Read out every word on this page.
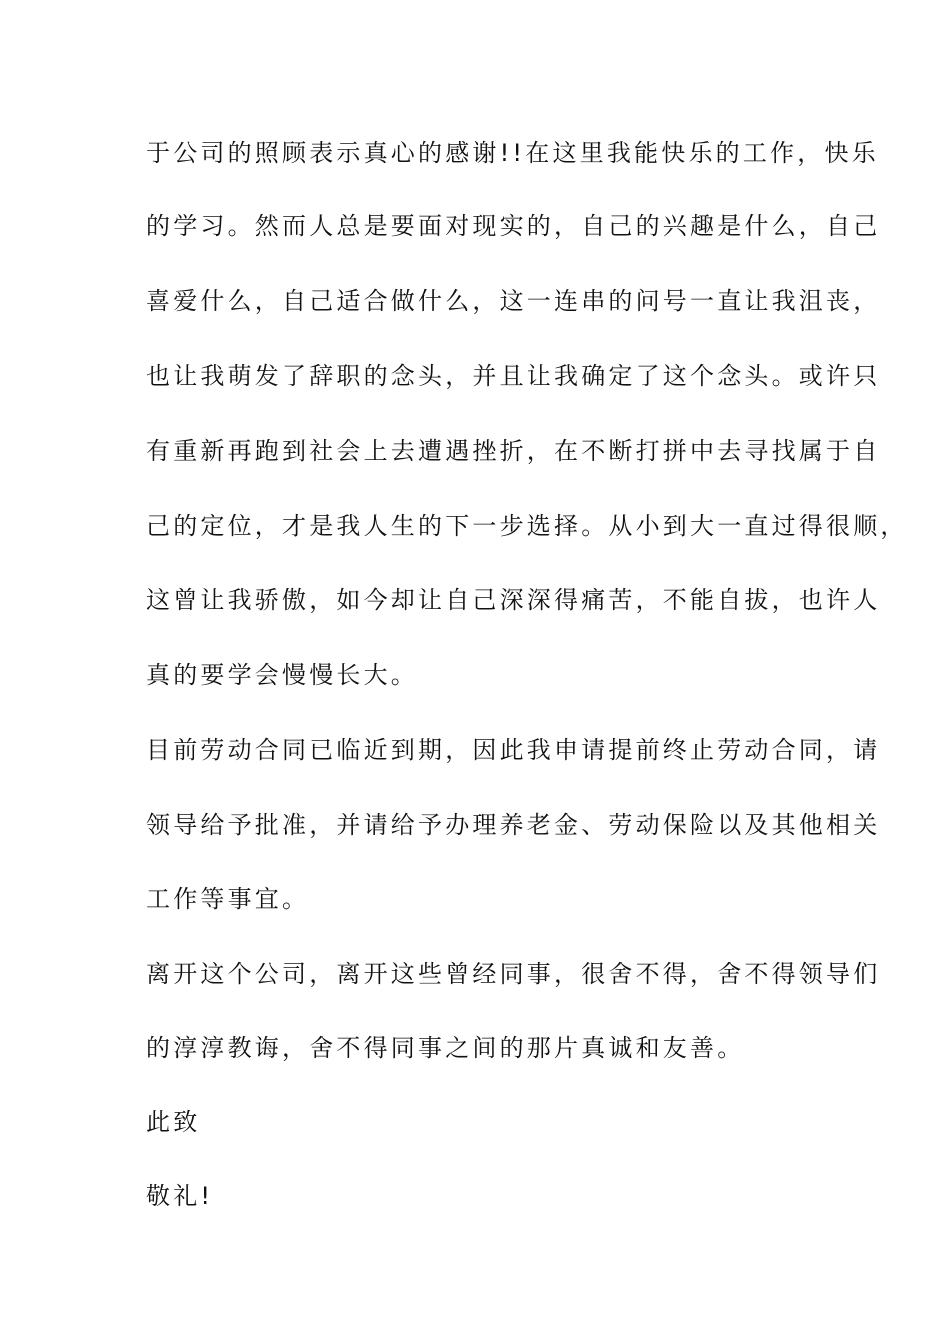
于公司的照顾表示真心的感谢!!在这里我能快乐的工作，快乐
的学习。然而人总是要面对现实的，自己的兴趣是什么，自己
喜爱什么，自己适合做什么，这一连串的问号一直让我沮丧，
也让我萌发了辞职的念头，并且让我确定了这个念头。或许只
有重新再跑到社会上去遭遇挫折，在不断打拼中去寻找属于自
己的定位，才是我人生的下一步选择。从小到大一直过得很顺，
这曾让我骄傲，如今却让自己深深得痛苦，不能自拔，也许人
真的要学会慢慢长大。
目前劳动合同已临近到期，因此我申请提前终止劳动合同，请
领导给予批准，并请给予办理养老金、劳动保险以及其他相关
工作等事宜。
离开这个公司，离开这些曾经同事，很舍不得，舍不得领导们
的淳淳教诲，舍不得同事之间的那片真诚和友善。
此致
敬礼!
